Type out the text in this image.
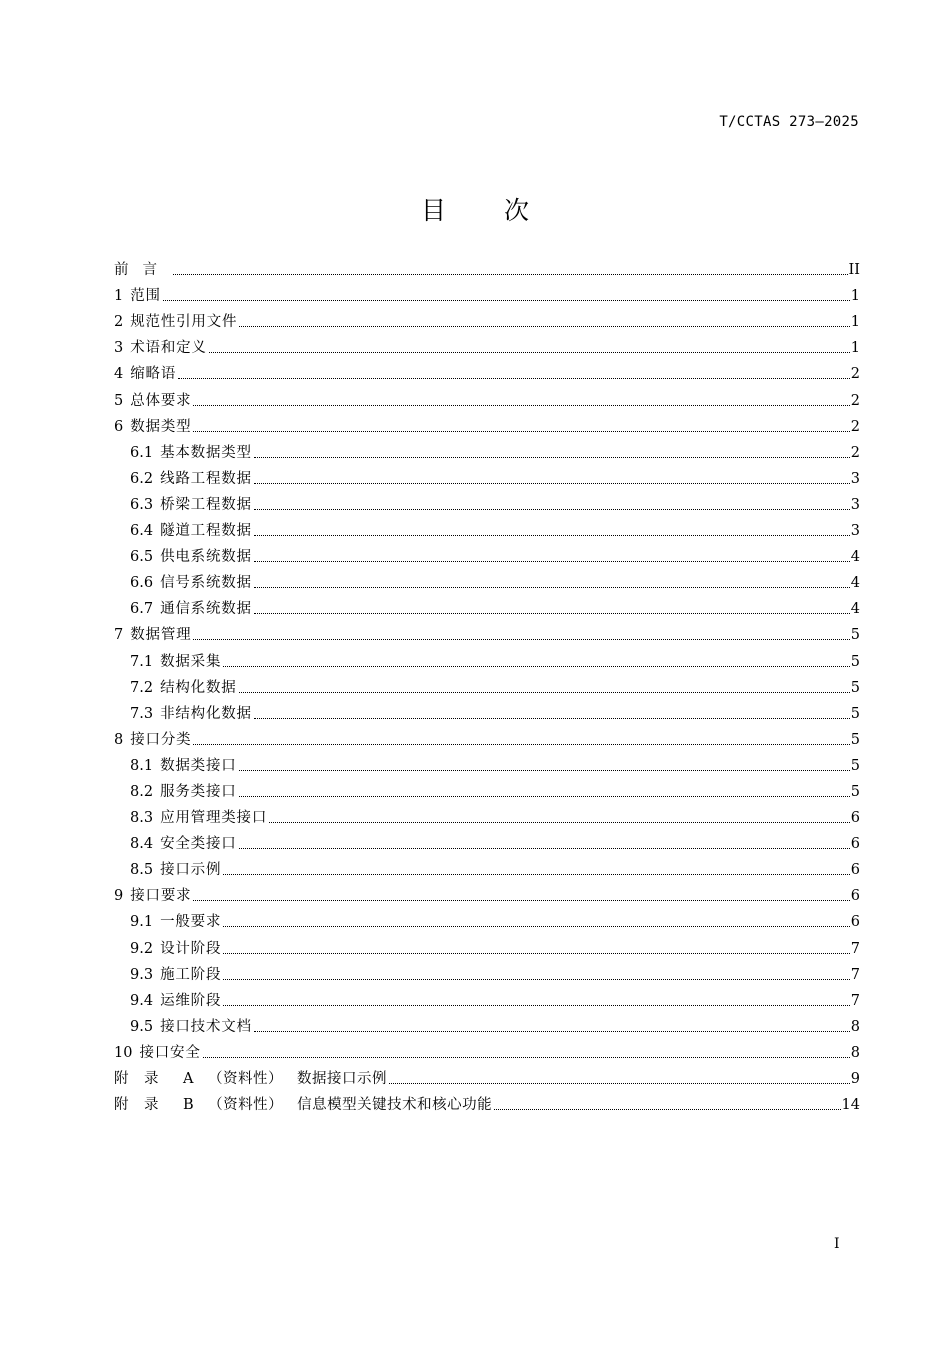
T/CCTAS 273—2025
目次
前言	II
1 范围	1
2 规范性引用文件	1
3 术语和定义	1
4 缩略语	2
5 总体要求	2
6 数据类型	2
6.1 基本数据类型	2
6.2 线路工程数据	3
6.3 桥梁工程数据	3
6.4 隧道工程数据	3
6.5 供电系统数据	4
6.6 信号系统数据	4
6.7 通信系统数据	4
7 数据管理	5
7.1 数据采集	5
7.2 结构化数据	5
7.3 非结构化数据	5
8 接口分类	5
8.1 数据类接口	5
8.2 服务类接口	5
8.3 应用管理类接口	6
8.4 安全类接口	6
8.5 接口示例	6
9 接口要求	6
9.1 一般要求	6
9.2 设计阶段	7
9.3 施工阶段	7
9.4 运维阶段	7
9.5 接口技术文档	8
10 接口安全	8
附　录 A （资料性） 数据接口示例	9
附　录 B （资料性） 信息模型关键技术和核心功能	14
I
